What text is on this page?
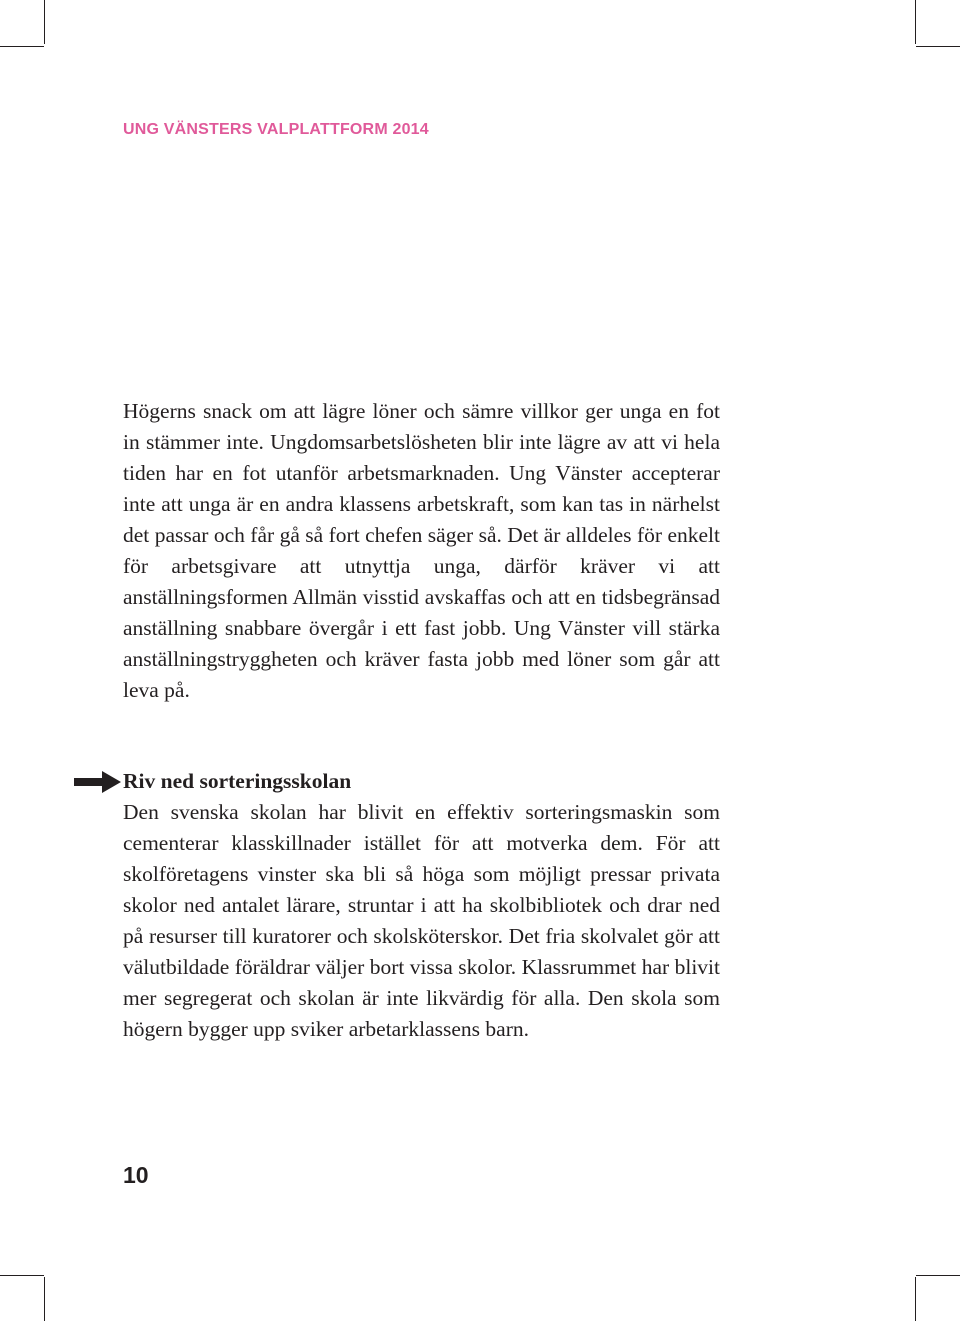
UNG VÄNSTERS VALPLATTFORM 2014

Högerns snack om att lägre löner och sämre villkor ger unga en fot in stämmer inte. Ungdomsarbetslösheten blir inte lägre av att vi hela tiden har en fot utanför arbetsmarknaden. Ung Vänster accepterar inte att unga är en andra klassens arbetskraft, som kan tas in närhelst det passar och får gå så fort chefen säger så. Det är alldeles för enkelt för arbetsgivare att utnyttja unga, därför kräver vi att anställningsformen Allmän visstid avskaffas och att en tidsbegränsad anställning snabbare övergår i ett fast jobb. Ung Vänster vill stärka anställningstryggheten och kräver fasta jobb med löner som går att leva på.

Riv ned sorteringsskolan

Den svenska skolan har blivit en effektiv sorteringsmaskin som cementerar klasskillnader istället för att motverka dem. För att skolföretagens vinster ska bli så höga som möjligt pressar privata skolor ned antalet lärare, struntar i att ha skolbibliotek och drar ned på resurser till kuratorer och skolsköterskor. Det fria skolvalet gör att välutbildade föräldrar väljer bort vissa skolor. Klassrummet har blivit mer segregerat och skolan är inte likvärdig för alla. Den skola som högern bygger upp sviker arbetarklassens barn.

10
